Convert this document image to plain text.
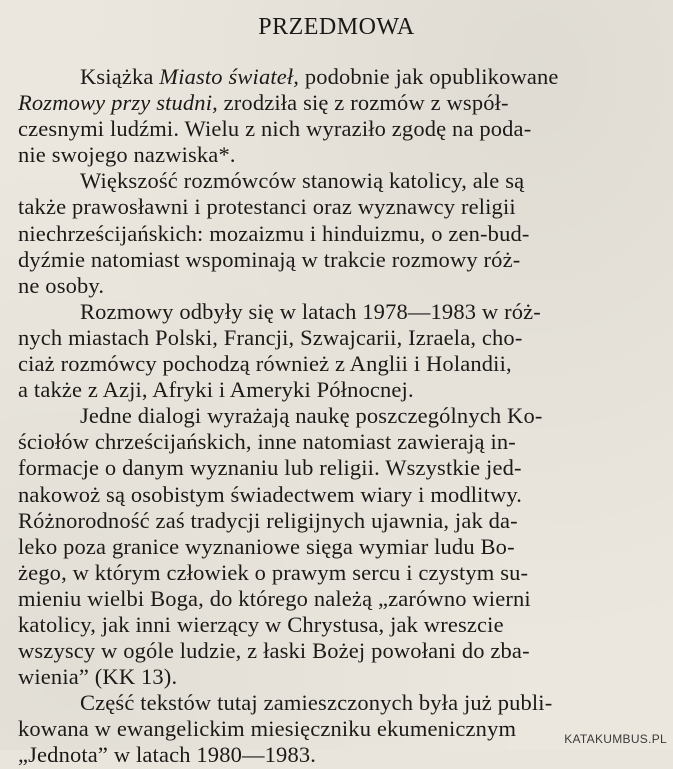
PRZEDMOWA
Książka Miasto świateł, podobnie jak opublikowane
Rozmowy przy studni, zrodziła się z rozmów z współ-
czesnymi ludźmi. Wielu z nich wyraziło zgodę na poda-
nie swojego nazwiska*.
Większość rozmówców stanowią katolicy, ale są
także prawosławni i protestanci oraz wyznawcy religii
niechrześcijańskich: mozaizmu i hinduizmu, o zen-bud-
dyźmie natomiast wspominają w trakcie rozmowy róż-
ne osoby.
Rozmowy odbyły się w latach 1978—1983 w róż-
nych miastach Polski, Francji, Szwajcarii, Izraela, cho-
ciaż rozmówcy pochodzą również z Anglii i Holandii,
a także z Azji, Afryki i Ameryki Północnej.
Jedne dialogi wyrażają naukę poszczególnych Ko-
ściołów chrześcijańskich, inne natomiast zawierają in-
formacje o danym wyznaniu lub religii. Wszystkie jed-
nakowoż są osobistym świadectwem wiary i modlitwy.
Różnorodność zaś tradycji religijnych ujawnia, jak da-
leko poza granice wyznaniowe sięga wymiar ludu Bo-
żego, w którym człowiek o prawym sercu i czystym su-
mieniu wielbi Boga, do którego należą „zarówno wierni
katolicy, jak inni wierzący w Chrystusa, jak wreszcie
wszyscy w ogóle ludzie, z łaski Bożej powołani do zba-
wienia” (KK 13).
Część tekstów tutaj zamieszczonych była już publi-
kowana w ewangelickim miesięczniku ekumenicznym
„Jednota” w latach 1980—1983.
KATAKUMBUS.PL
